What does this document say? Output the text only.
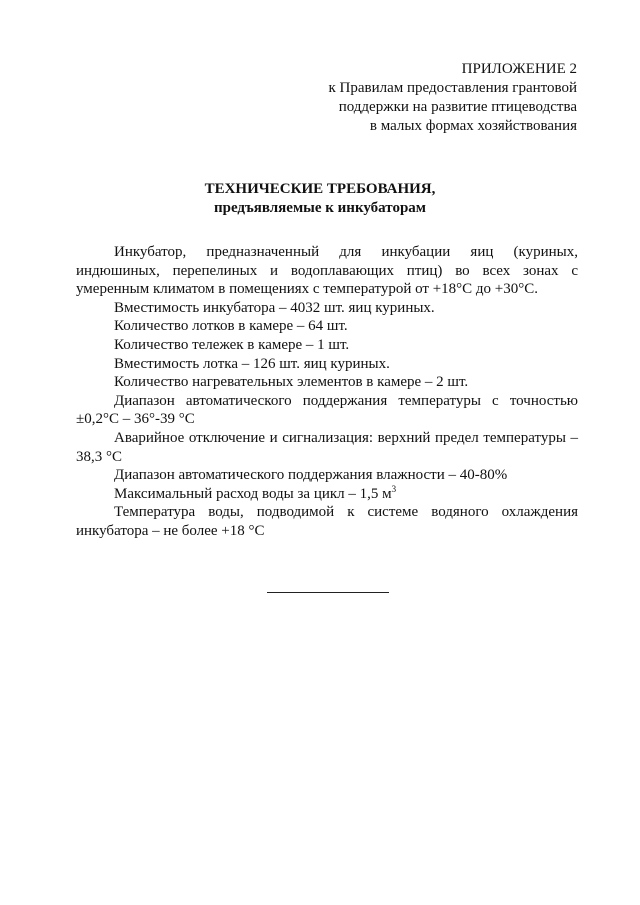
ПРИЛОЖЕНИЕ 2
к Правилам предоставления грантовой
поддержки на развитие птицеводства
в малых формах хозяйствования
ТЕХНИЧЕСКИЕ ТРЕБОВАНИЯ,
предъявляемые к инкубаторам

Инкубатор, предназначенный для инкубации яиц (куриных, индюшиных, перепелиных и водоплавающих птиц) во всех зонах с умеренным климатом в помещениях с температурой от +18°С до +30°С.

Вместимость инкубатора – 4032 шт. яиц куриных.

Количество лотков в камере – 64 шт.

Количество тележек в камере – 1 шт.

Вместимость лотка – 126 шт. яиц куриных.

Количество нагревательных элементов в камере – 2 шт.

Диапазон автоматического поддержания температуры с точностью ±0,2°С – 36°-39 °С

Аварийное отключение и сигнализация: верхний предел температуры – 38,3 °С

Диапазон автоматического поддержания влажности – 40-80%

Максимальный расход воды за цикл – 1,5 $м^3$

Температура воды, подводимой к системе водяного охлаждения инкубатора – не более +18 °С
